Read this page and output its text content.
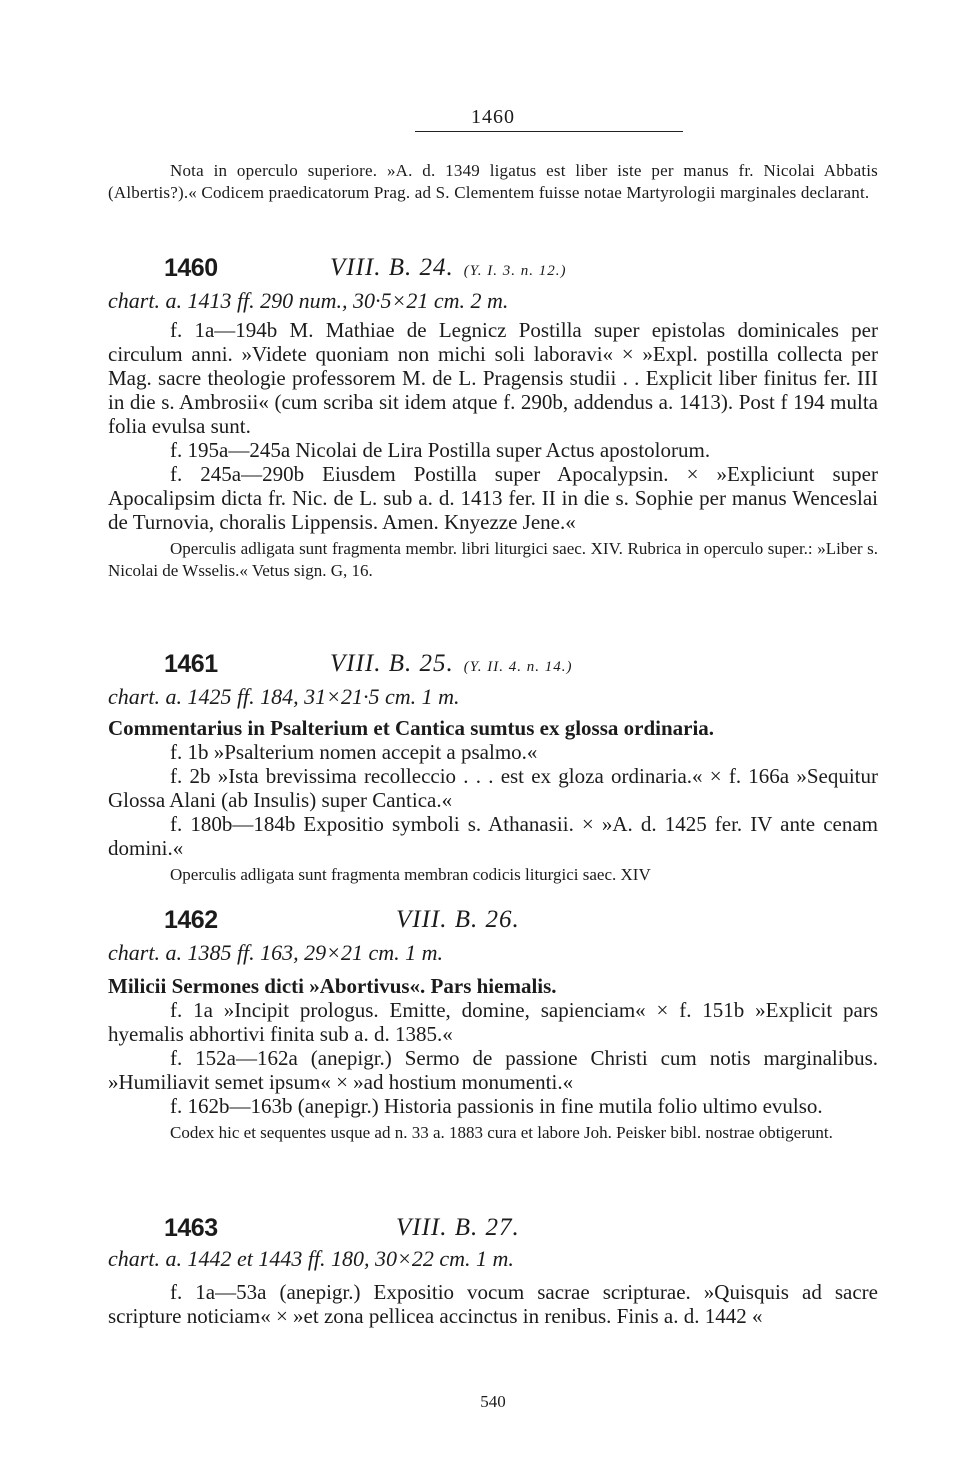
1460

Nota in operculo superiore. »A. d. 1349 ligatus est liber iste per manus fr. Nicolai Abbatis (Albertis?).« Codicem praedicatorum Prag. ad S. Clementem fuisse notae Martyrologii marginales declarant.

1460	VIII. B. 24. (Y. I. 3. n. 12.)
chart. a. 1413 ff. 290 num., 30·5×21 cm. 2 m.

f. 1a—194b M. Mathiae de Legnicz Postilla super epistolas dominicales per circulum anni. »Videte quoniam non michi soli laboravi« × »Expl. postilla collecta per Mag. sacre theologie professorem M. de L. Pragensis studii . . Explicit liber finitus fer. III in die s. Ambrosii« (cum scriba sit idem atque f. 290b, addendus a. 1413). Post f 194 multa folia evulsa sunt.

f. 195a—245a Nicolai de Lira Postilla super Actus apostolorum.

f. 245a—290b Eiusdem Postilla super Apocalypsin. × »Expliciunt super Apocalipsim dicta fr. Nic. de L. sub a. d. 1413 fer. II in die s. Sophie per manus Wenceslai de Turnovia, choralis Lippensis. Amen. Knyezze Jene.«

Operculis adligata sunt fragmenta membr. libri liturgici saec. XIV. Rubrica in operculo super.: »Liber s. Nicolai de Wsselis.« Vetus sign. G, 16.

1461	VIII. B. 25. (Y. II. 4. n. 14.)
chart. a. 1425 ff. 184, 31×21·5 cm. 1 m.

Commentarius in Psalterium et Cantica sumtus ex glossa ordinaria.

f. 1b »Psalterium nomen accepit a psalmo.«

f. 2b »Ista brevissima recolleccio . . . est ex gloza ordinaria.« × f. 166a »Sequitur Glossa Alani (ab Insulis) super Cantica.«

f. 180b—184b Expositio symboli s. Athanasii. × »A. d. 1425 fer. IV ante cenam domini.«

Operculis adligata sunt fragmenta membran codicis liturgici saec. XIV

1462	VIII. B. 26.
chart. a. 1385 ff. 163, 29×21 cm. 1 m.

Milicii Sermones dicti »Abortivus«. Pars hiemalis.

f. 1a »Incipit prologus. Emitte, domine, sapienciam« × f. 151b »Explicit pars hyemalis abhortivi finita sub a. d. 1385.«

f. 152a—162a (anepigr.) Sermo de passione Christi cum notis marginalibus. »Humiliavit semet ipsum« × »ad hostium monumenti.«

f. 162b—163b (anepigr.) Historia passionis in fine mutila folio ultimo evulso.

Codex hic et sequentes usque ad n. 33 a. 1883 cura et labore Joh. Peisker bibl. nostrae obtigerunt.

1463	VIII. B. 27.
chart. a. 1442 et 1443 ff. 180, 30×22 cm. 1 m.

f. 1a—53a (anepigr.) Expositio vocum sacrae scripturae. »Quisquis ad sacre scripture noticiam« × »et zona pellicea accinctus in renibus. Finis a. d. 1442 «

540
